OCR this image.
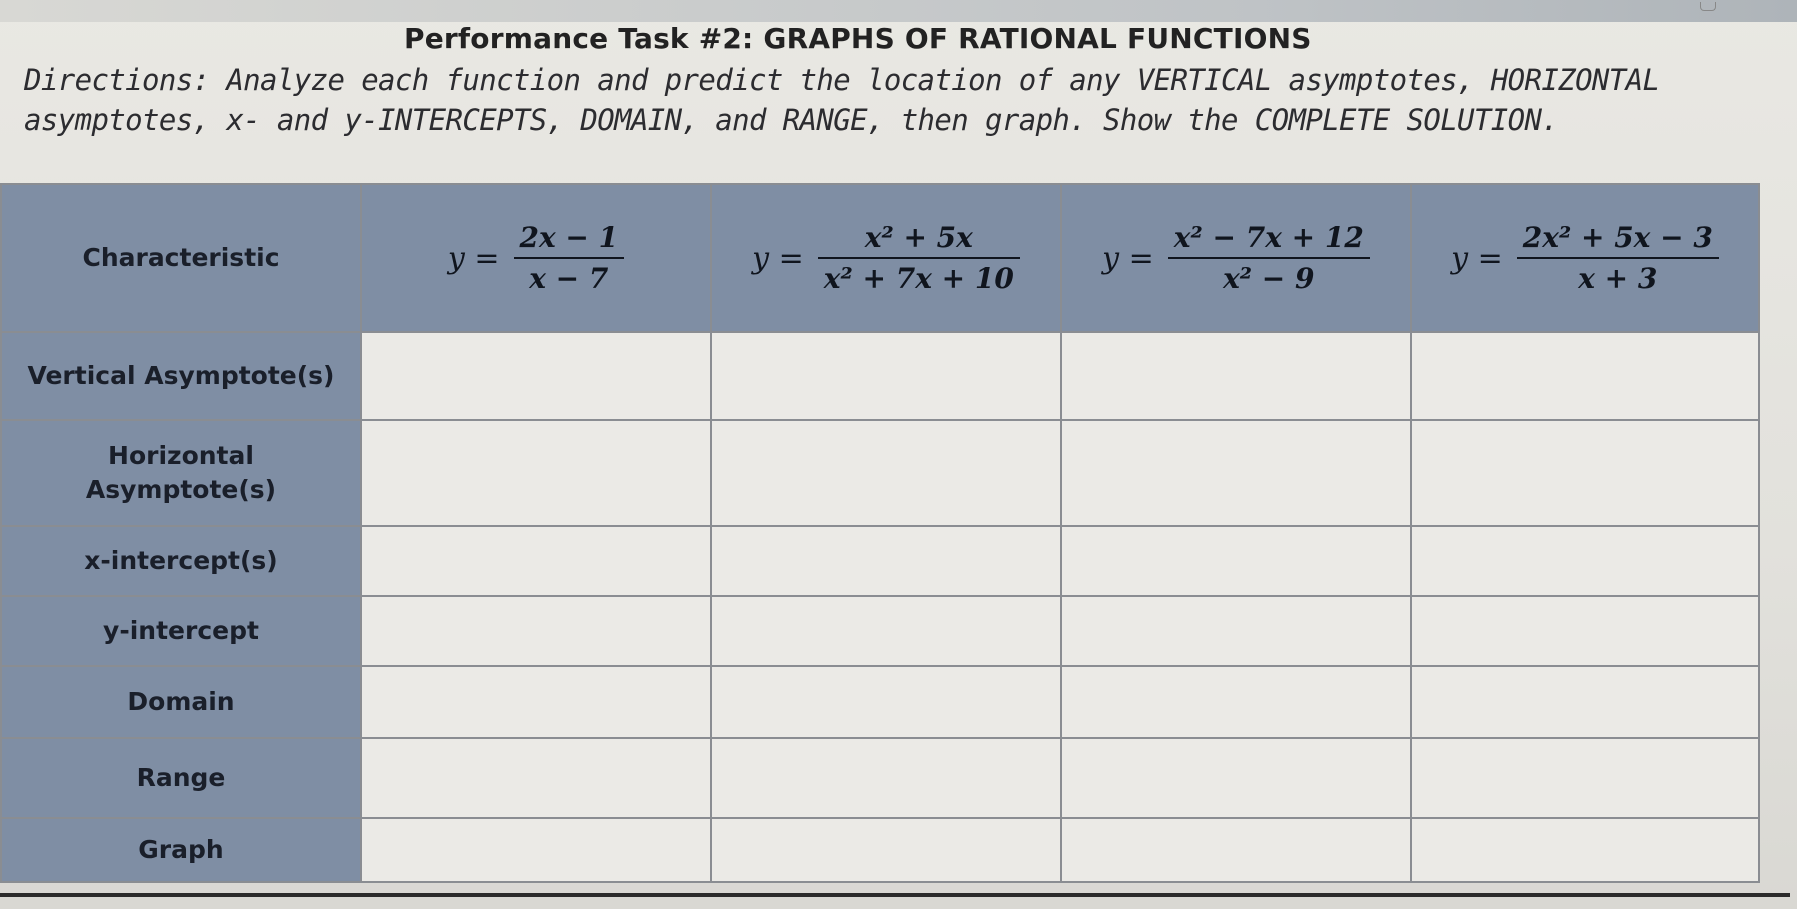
Performance Task #2: GRAPHS OF RATIONAL FUNCTIONS
Directions: Analyze each function and predict the location of any VERTICAL asymptotes, HORIZONTAL asymptotes, x- and y-INTERCEPTS, DOMAIN, and RANGE, then graph. Show the COMPLETE SOLUTION.
Characteristic	$y = \frac{2x - 1}{x - 7}$	$y = \frac{\text{x² + 5x}}{\text{x² + 7x + 10}}$	$y = \frac{\text{x² − 7x + 12}}{\text{x² − 9}}$	$y = \frac{\text{2x² + 5x − 3}}{x + 3}$

Vertical Asymptote(s)				

Horizontal Asymptote(s)				

x-intercept(s)				
y-intercept				
Domain				
Range				
Graph				
